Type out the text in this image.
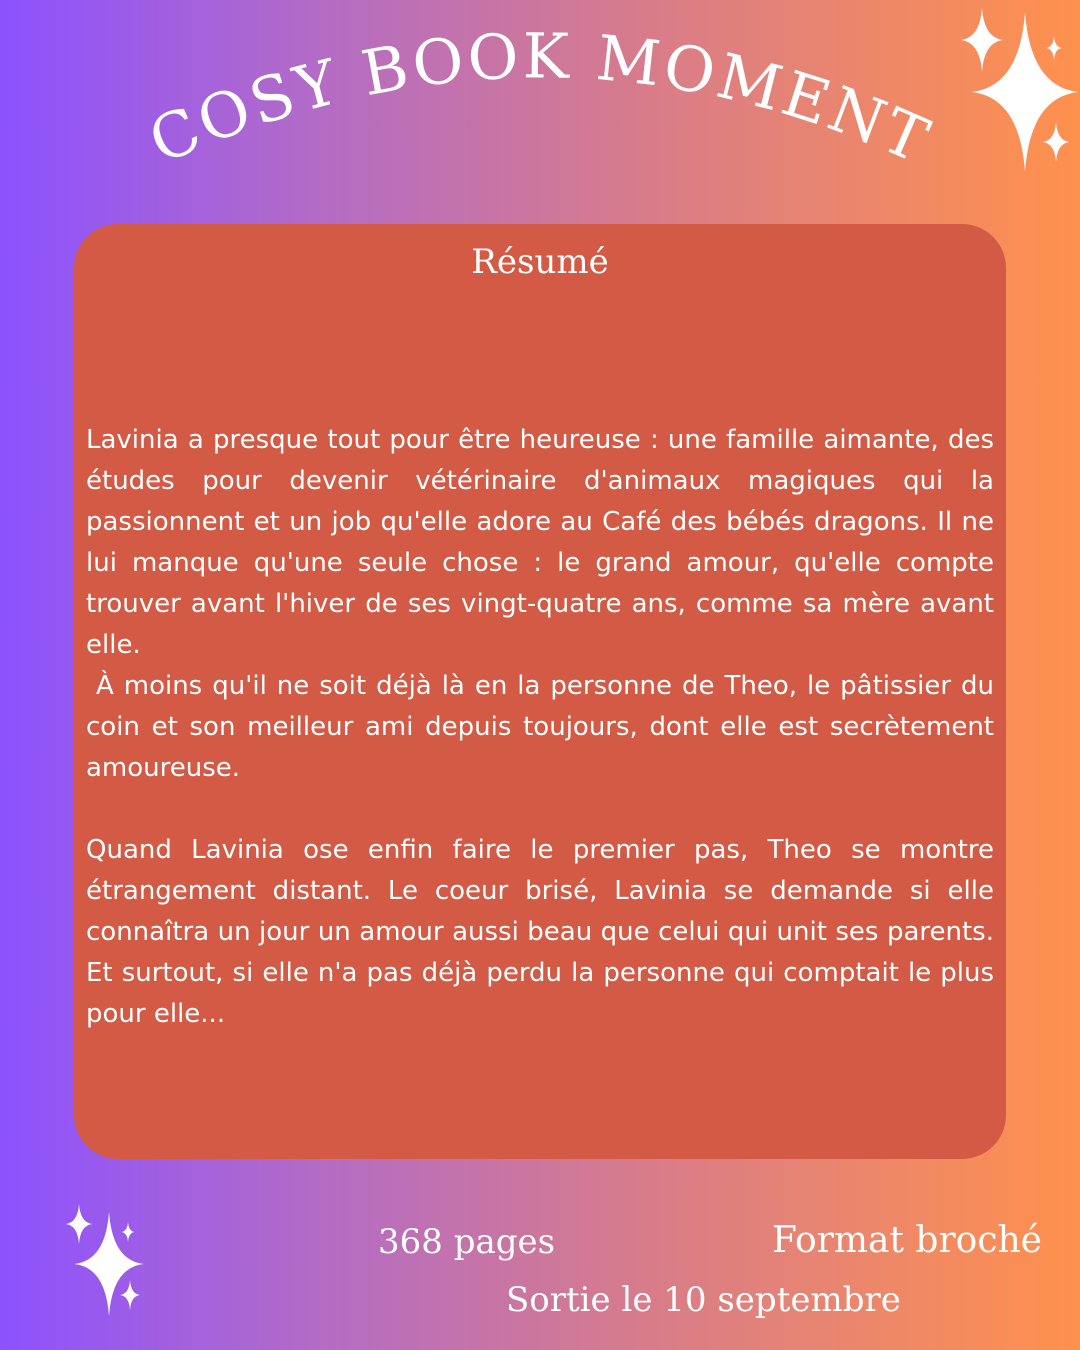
COSY BOOK MOMENT

Lavinia a presque tout pour être heureuse : une famille aimante, des études pour devenir vétérinaire d'animaux magiques qui la passionnent et un job qu'elle adore au Café des bébés dragons. Il ne lui manque qu'une seule chose : le grand amour, qu'elle compte trouver avant l'hiver de ses vingt-quatre ans, comme sa mère avant elle.

À moins qu'il ne soit déjà là en la personne de Theo, le pâtissier du coin et son meilleur ami depuis toujours, dont elle est secrètement amoureuse.

Quand Lavinia ose enfin faire le premier pas, Theo se montre étrangement distant. Le coeur brisé, Lavinia se demande si elle connaîtra un jour un amour aussi beau que celui qui unit ses parents. Et surtout, si elle n'a pas déjà perdu la personne qui comptait le plus pour elle...

Résumé
368 pages	Format broché
Sortie le 10 septembre
